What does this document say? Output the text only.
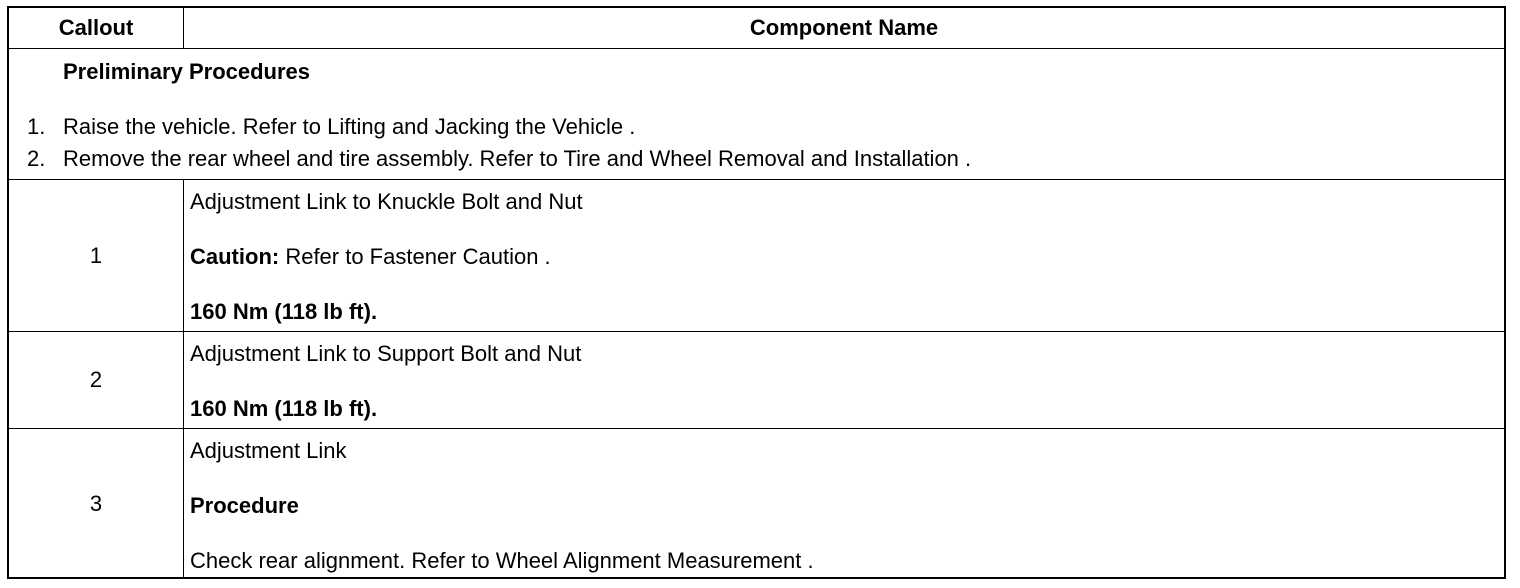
Callout	Component Name
Preliminary Procedures
1. Raise the vehicle. Refer to Lifting and Jacking the Vehicle .
2. Remove the rear wheel and tire assembly. Refer to Tire and Wheel Removal and Installation .
1
Adjustment Link to Knuckle Bolt and Nut
Caution: Refer to Fastener Caution .
160 Nm (118 lb ft).
2
Adjustment Link to Support Bolt and Nut
160 Nm (118 lb ft).
3
Adjustment Link
Procedure
Check rear alignment. Refer to Wheel Alignment Measurement .
